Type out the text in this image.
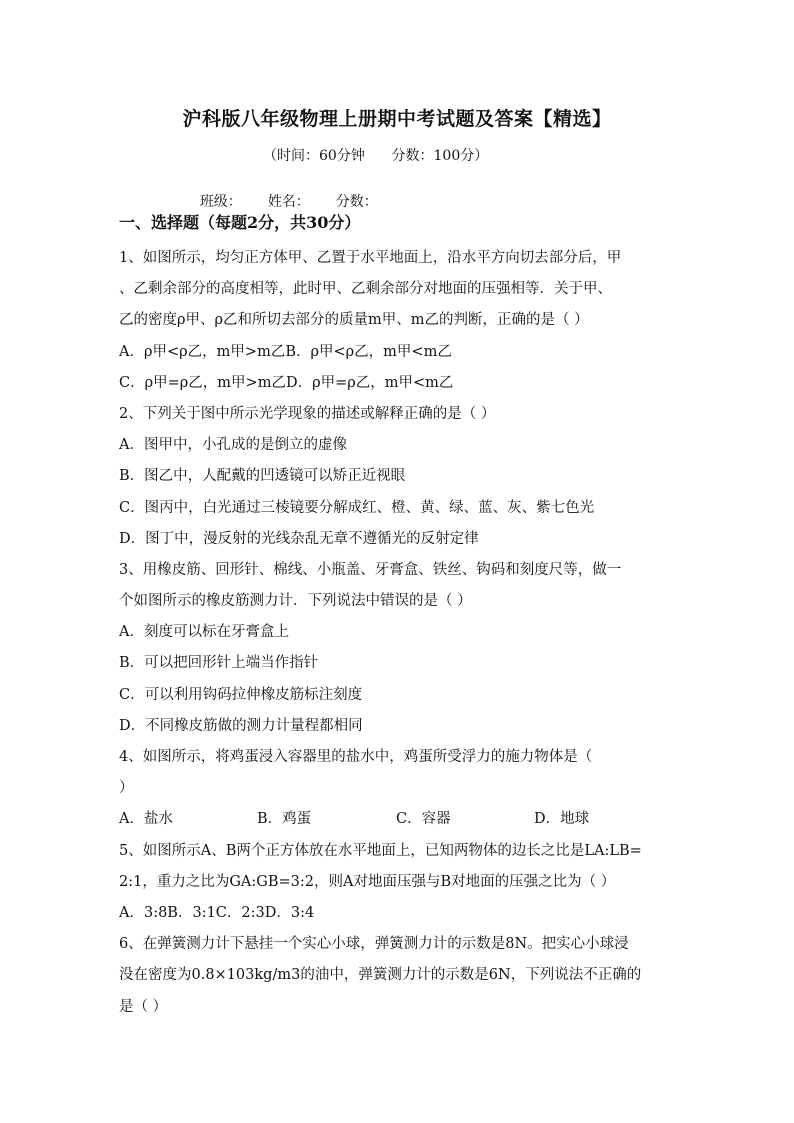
沪科版八年级物理上册期中考试题及答案【精选】
（时间：60分钟      分数：100分）

班级： 姓名： 分数：

一、选择题（每题2分，共30分）
1、如图所示，均匀正方体甲、乙置于水平地面上，沿水平方向切去部分后，甲
、乙剩余部分的高度相等，此时甲、乙剩余部分对地面的压强相等．关于甲、
乙的密度ρ甲、ρ乙和所切去部分的质量m甲、m乙的判断，正确的是（ ）
A．ρ甲<ρ乙，m甲>m乙B．ρ甲<ρ乙，m甲<m乙
C．ρ甲=ρ乙，m甲>m乙D．ρ甲=ρ乙，m甲<m乙
2、下列关于图中所示光学现象的描述或解释正确的是（ ）
A．图甲中，小孔成的是倒立的虚像
B．图乙中，人配戴的凹透镜可以矫正近视眼
C．图丙中，白光通过三棱镜要分解成红、橙、黄、绿、蓝、灰、紫七色光
D．图丁中，漫反射的光线杂乱无章不遵循光的反射定律
3、用橡皮筋、回形针、棉线、小瓶盖、牙膏盒、铁丝、钩码和刻度尺等，做一
个如图所示的橡皮筋测力计．下列说法中错误的是（ ）
A．刻度可以标在牙膏盒上
B．可以把回形针上端当作指针
C．可以利用钩码拉伸橡皮筋标注刻度
D．不同橡皮筋做的测力计量程都相同
4、如图所示，将鸡蛋浸入容器里的盐水中，鸡蛋所受浮力的施力物体是（
）
A．盐水	B．鸡蛋	C．容器	D．地球
5、如图所示A、B两个正方体放在水平地面上，已知两物体的边长之比是LA:LB=
2:1，重力之比为GA:GB=3:2，则A对地面压强与B对地面的压强之比为（ ）
A．3:8B．3:1C．2:3D．3:4
6、在弹簧测力计下悬挂一个实心小球，弹簧测力计的示数是8N。把实心小球浸
没在密度为0.8×103kg/m3的油中，弹簧测力计的示数是6N，下列说法不正确的
是（ ）
